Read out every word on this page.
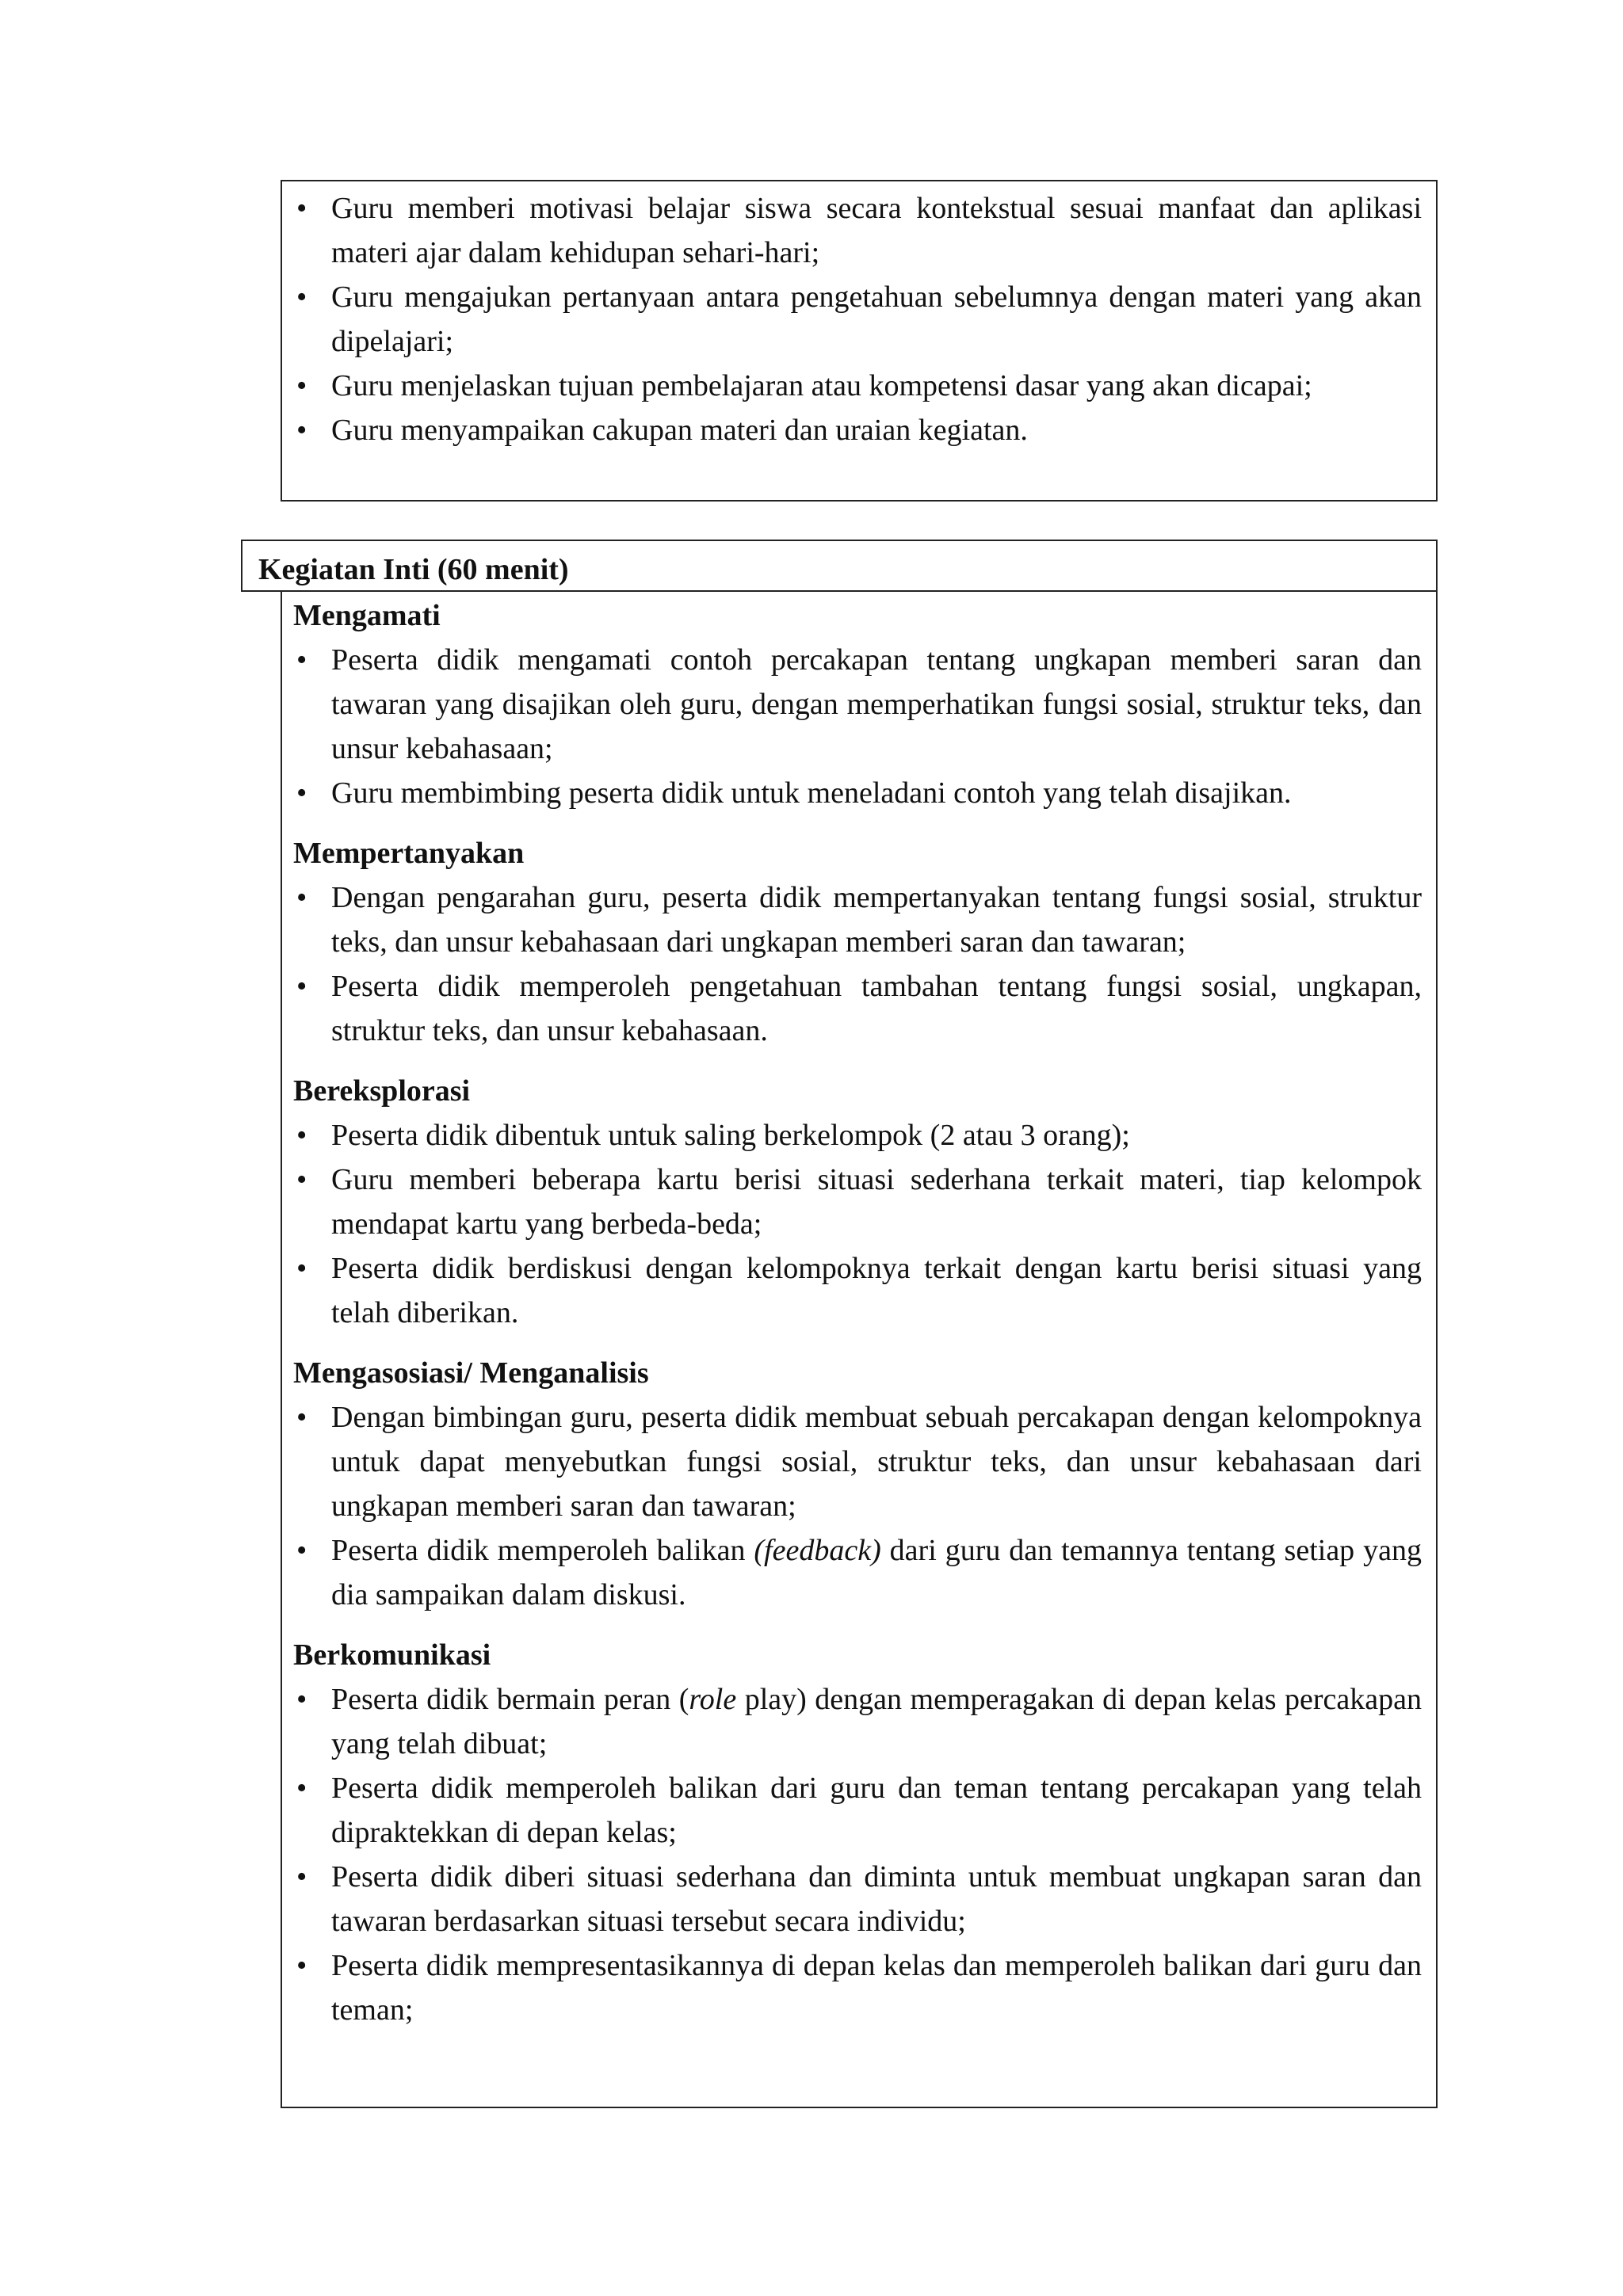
• Guru memberi motivasi belajar siswa secara kontekstual sesuai manfaat dan aplikasi materi ajar dalam kehidupan sehari-hari;
• Guru mengajukan pertanyaan antara pengetahuan sebelumnya dengan materi yang akan dipelajari;
• Guru menjelaskan tujuan pembelajaran atau kompetensi dasar yang akan dicapai;
• Guru menyampaikan cakupan materi dan uraian kegiatan.
Kegiatan Inti (60 menit)
Mengamati
• Peserta didik mengamati contoh percakapan tentang ungkapan memberi saran dan tawaran yang disajikan oleh guru, dengan memperhatikan fungsi sosial, struktur teks, dan unsur kebahasaan;
• Guru membimbing peserta didik untuk meneladani contoh yang telah disajikan.
Mempertanyakan
• Dengan pengarahan guru, peserta didik mempertanyakan tentang fungsi sosial, struktur teks, dan unsur kebahasaan dari ungkapan memberi saran dan tawaran;
• Peserta didik memperoleh pengetahuan tambahan tentang fungsi sosial, ungkapan, struktur teks, dan unsur kebahasaan.
Bereksplorasi
• Peserta didik dibentuk untuk saling berkelompok (2 atau 3 orang);
• Guru memberi beberapa kartu berisi situasi sederhana terkait materi, tiap kelompok mendapat kartu yang berbeda-beda;
• Peserta didik berdiskusi dengan kelompoknya terkait dengan kartu berisi situasi yang telah diberikan.
Mengasosiasi/ Menganalisis
• Dengan bimbingan guru, peserta didik membuat sebuah percakapan dengan kelompoknya untuk dapat menyebutkan fungsi sosial, struktur teks, dan unsur kebahasaan dari ungkapan memberi saran dan tawaran;
• Peserta didik memperoleh balikan (feedback) dari guru dan temannya tentang setiap yang dia sampaikan dalam diskusi.
Berkomunikasi
• Peserta didik bermain peran (role play) dengan memperagakan di depan kelas percakapan yang telah dibuat;
• Peserta didik memperoleh balikan dari guru dan teman tentang percakapan yang telah dipraktekkan di depan kelas;
• Peserta didik diberi situasi sederhana dan diminta untuk membuat ungkapan saran dan tawaran berdasarkan situasi tersebut secara individu;
• Peserta didik mempresentasikannya di depan kelas dan memperoleh balikan dari guru dan teman;
